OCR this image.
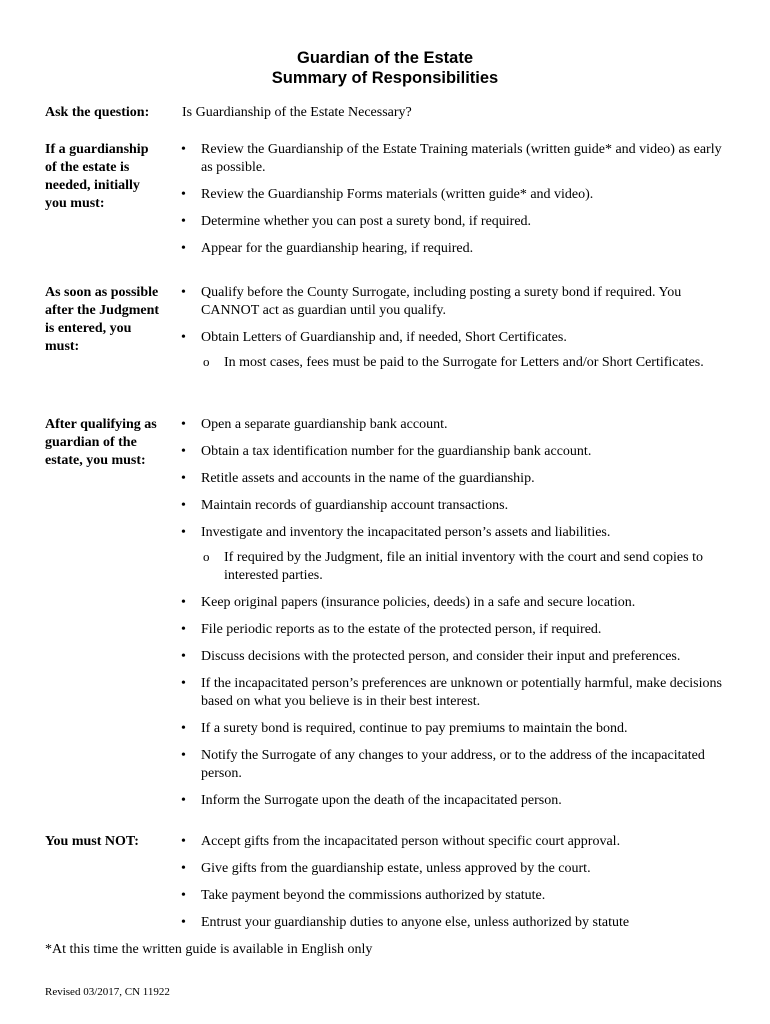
Guardian of the Estate
Summary of Responsibilities
Ask the question:	Is Guardianship of the Estate Necessary?
If a guardianship of the estate is needed, initially you must:
• Review the Guardianship of the Estate Training materials (written guide* and video) as early as possible.
• Review the Guardianship Forms materials (written guide* and video).
• Determine whether you can post a surety bond, if required.
• Appear for the guardianship hearing, if required.
As soon as possible after the Judgment is entered, you must:
• Qualify before the County Surrogate, including posting a surety bond if required. You CANNOT act as guardian until you qualify.
• Obtain Letters of Guardianship and, if needed, Short Certificates.
o In most cases, fees must be paid to the Surrogate for Letters and/or Short Certificates.
After qualifying as guardian of the estate, you must:
• Open a separate guardianship bank account.
• Obtain a tax identification number for the guardianship bank account.
• Retitle assets and accounts in the name of the guardianship.
• Maintain records of guardianship account transactions.
• Investigate and inventory the incapacitated person’s assets and liabilities.
o If required by the Judgment, file an initial inventory with the court and send copies to interested parties.
• Keep original papers (insurance policies, deeds) in a safe and secure location.
• File periodic reports as to the estate of the protected person, if required.
• Discuss decisions with the protected person, and consider their input and preferences.
• If the incapacitated person’s preferences are unknown or potentially harmful, make decisions based on what you believe is in their best interest.
• If a surety bond is required, continue to pay premiums to maintain the bond.
• Notify the Surrogate of any changes to your address, or to the address of the incapacitated person.
• Inform the Surrogate upon the death of the incapacitated person.
You must NOT:
•	Accept gifts from the incapacitated person without specific court approval.
• Give gifts from the guardianship estate, unless approved by the court.
• Take payment beyond the commissions authorized by statute.
• Entrust your guardianship duties to anyone else, unless authorized by statute
*At this time the written guide is available in English only
Revised 03/2017, CN 11922
